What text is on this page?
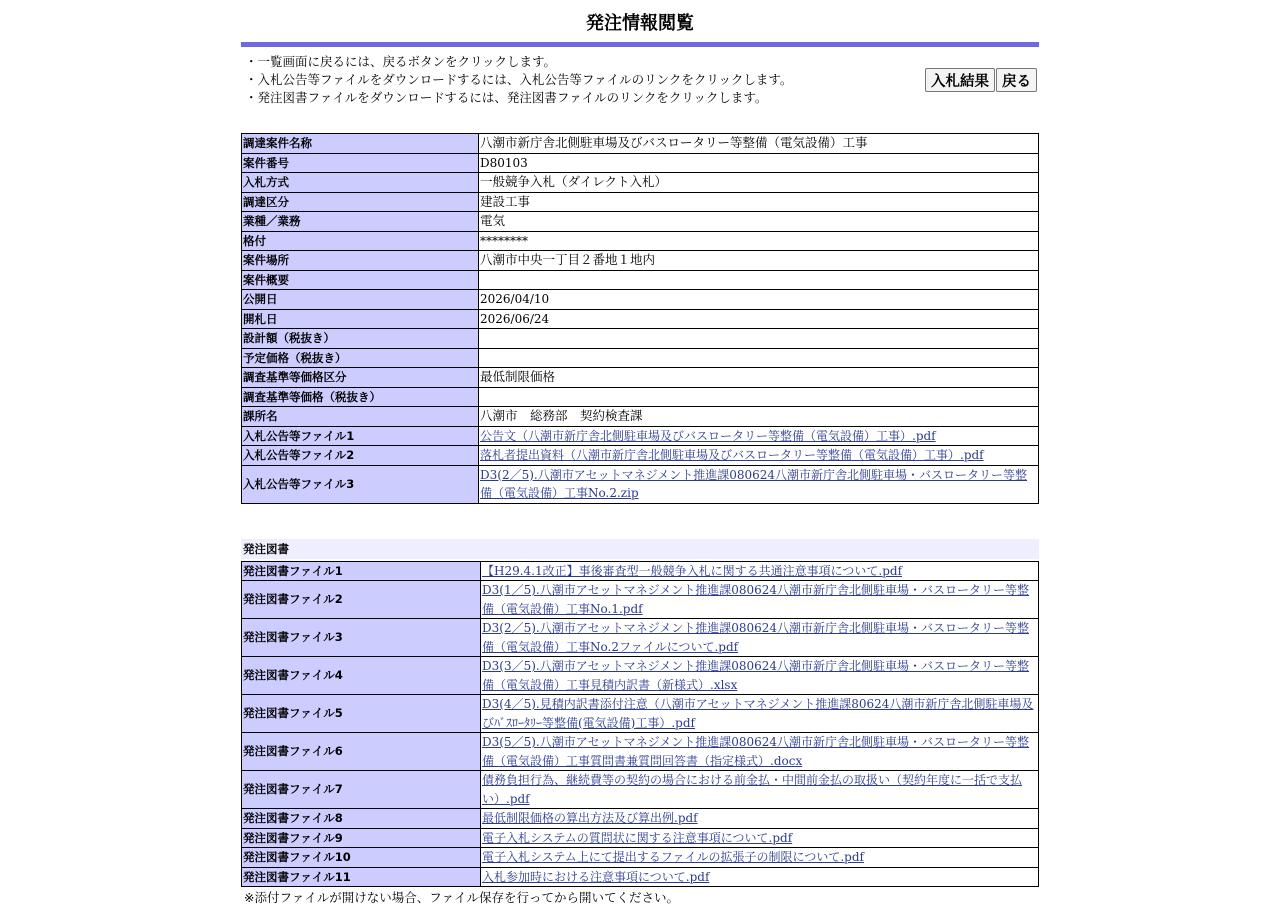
発注情報閲覧
・一覧画面に戻るには、戻るボタンをクリックします。
・入札公告等ファイルをダウンロードするには、入札公告等ファイルのリンクをクリックします。
・発注図書ファイルをダウンロードするには、発注図書ファイルのリンクをクリックします。
入札結果 戻る
調達案件名称	八潮市新庁舎北側駐車場及びバスロータリー等整備（電気設備）工事
案件番号	D80103
入札方式	一般競争入札（ダイレクト入札）
調達区分	建設工事
業種／業務	電気
格付	********
案件場所	八潮市中央一丁目２番地１地内
案件概要	
公開日	2026/04/10
開札日	2026/06/24
設計額（税抜き）	
予定価格（税抜き）	
調査基準等価格区分	最低制限価格
調査基準等価格（税抜き）	
課所名	八潮市　総務部　契約検査課
入札公告等ファイル1	公告文（八潮市新庁舎北側駐車場及びバスロータリー等整備（電気設備）工事）.pdf
入札公告等ファイル2	落札者提出資料（八潮市新庁舎北側駐車場及びバスロータリー等整備（電気設備）工事）.pdf
入札公告等ファイル3	D3(2／5).八潮市アセットマネジメント推進課080624八潮市新庁舎北側駐車場・バスロータリー等整備（電気設備）工事No.2.zip
発注図書
発注図書ファイル1	【H29.4.1改正】事後審査型一般競争入札に関する共通注意事項について.pdf
発注図書ファイル2	D3(1／5).八潮市アセットマネジメント推進課080624八潮市新庁舎北側駐車場・バスロータリー等整備（電気設備）工事No.1.pdf
発注図書ファイル3	D3(2／5).八潮市アセットマネジメント推進課080624八潮市新庁舎北側駐車場・バスロータリー等整備（電気設備）工事No.2ファイルについて.pdf
発注図書ファイル4	D3(3／5).八潮市アセットマネジメント推進課080624八潮市新庁舎北側駐車場・バスロータリー等整備（電気設備）工事見積内訳書（新様式）.xlsx
発注図書ファイル5	D3(4／5).見積内訳書添付注意（八潮市アセットマネジメント推進課80624八潮市新庁舎北側駐車場及びﾊﾞｽﾛｰﾀﾘｰ等整備(電気設備)工事）.pdf
発注図書ファイル6	D3(5／5).八潮市アセットマネジメント推進課080624八潮市新庁舎北側駐車場・バスロータリー等整備（電気設備）工事質問書兼質問回答書（指定様式）.docx
発注図書ファイル7	債務負担行為、継続費等の契約の場合における前金払・中間前金払の取扱い（契約年度に一括で支払い）.pdf
発注図書ファイル8	最低制限価格の算出方法及び算出例.pdf
発注図書ファイル9	電子入札システムの質問状に関する注意事項について.pdf
発注図書ファイル10	電子入札システム上にて提出するファイルの拡張子の制限について.pdf
発注図書ファイル11	入札参加時における注意事項について.pdf
※添付ファイルが開けない場合、ファイル保存を行ってから開いてください。
